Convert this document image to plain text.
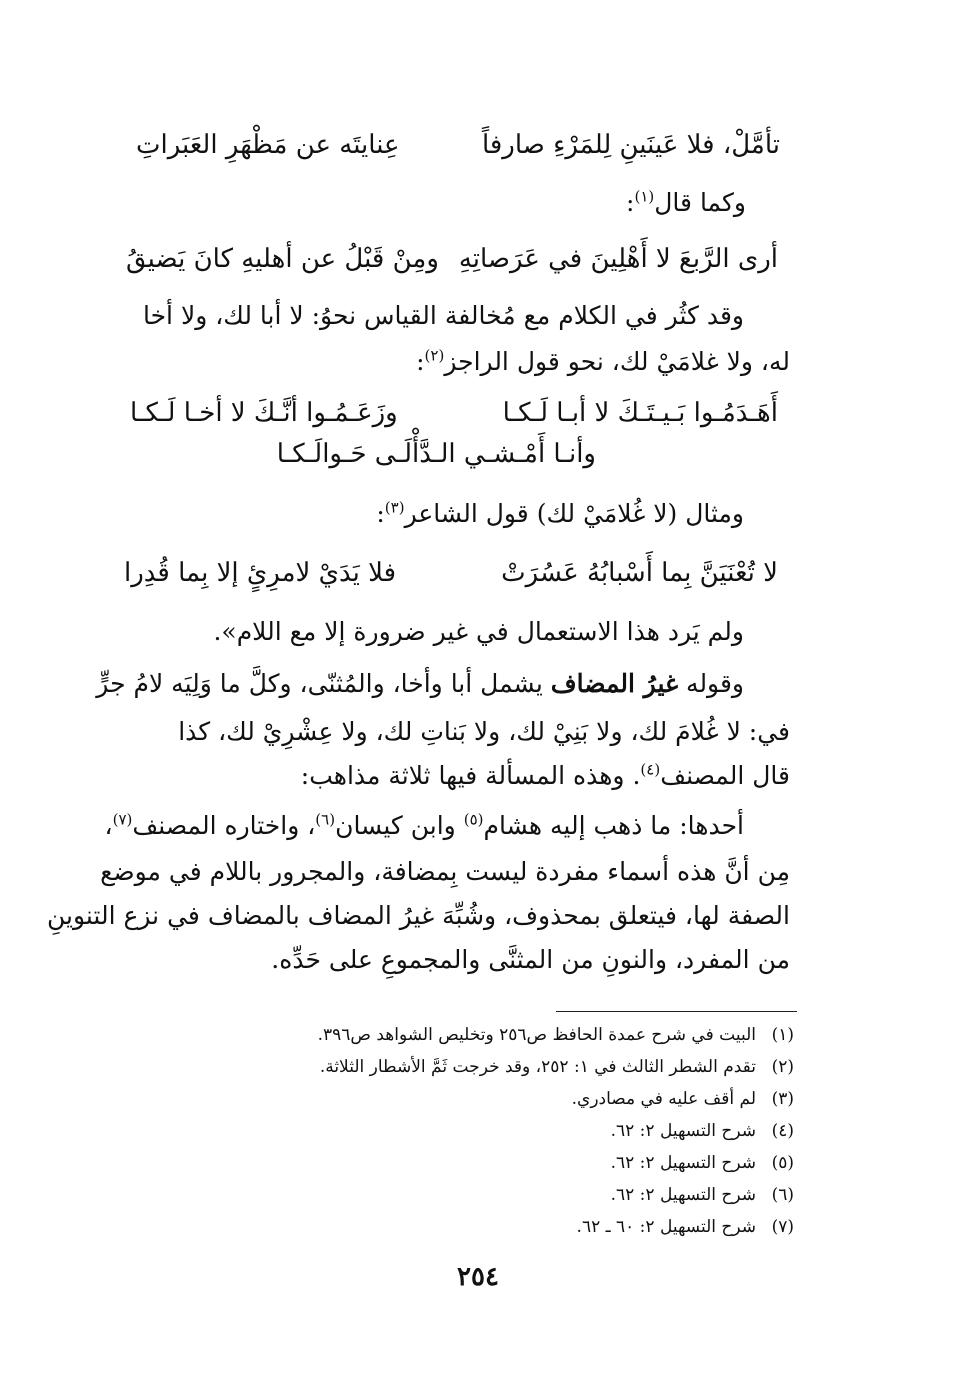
تأمَّلْ، فلا عَينَينِ لِلمَرْءِ صارفاً
عِنايتَه عن مَظْهَرِ العَبَراتِ
وكما قال$^{(١)}$:
أرى الرَّبعَ لا أَهْلِينَ في عَرَصاتِهِ
ومِنْ قَبْلُ عن أهليهِ كانَ يَضيقُ
وقد كثُر في الكلام مع مُخالفة القياس نحوُ: لا أبا لك، ولا أخا
له، ولا غلامَيْ لك، نحو قول الراجز$^{(٢)}$:
أَهَـدَمُـوا بَـيـتَـكَ لا أبـا لَـكـا
وزَعَـمُـوا أنَّـكَ لا أخـا لَـكـا
وأنـا أَمْـشـي الـدَّأْلَـى حَـوالَـكـا
ومثال (لا غُلامَيْ لك) قول الشاعر$^{(٣)}$:
لا تُعْنَيَنَّ بِما أَسْبابُهُ عَسُرَتْ
فلا يَدَيْ لامرِئٍ إلا بِما قُدِرا
ولم يَرد هذا الاستعمال في غير ضرورة إلا مع اللام».
وقوله غيرُ المضاف يشمل أبا وأخا، والمُثنّى، وكلَّ ما وَلِيَه لامُ جرٍّ
في: لا غُلامَ لك، ولا بَنِيْ لك، ولا بَناتِ لك، ولا عِشْرِيْ لك، كذا
قال المصنف$^{(٤)}$. وهذه المسألة فيها ثلاثة مذاهب:
أحدها: ما ذهب إليه هشام$^{(٥)}$ وابن كيسان$^{(٦)}$، واختاره المصنف$^{(٧)}$،
مِن أنَّ هذه أسماء مفردة ليست بِمضافة، والمجرور باللام في موضع
الصفة لها، فيتعلق بمحذوف، وشُبِّهَ غيرُ المضاف بالمضاف في نزع التنوينِ
من المفرد، والنونِ من المثنَّى والمجموعِ على حَدِّه.
(١)
البيت في شرح عمدة الحافظ ص٢٥٦ وتخليص الشواهد ص٣٩٦.
(٢)
تقدم الشطر الثالث في ١: ٢٥٢، وقد خرجت ثَمَّ الأشطار الثلاثة.
(٣)
لم أقف عليه في مصادري.
(٤)
شرح التسهيل ٢: ٦٢.
(٥)
شرح التسهيل ٢: ٦٢.
(٦)
شرح التسهيل ٢: ٦٢.
(٧)
شرح التسهيل ٢: ٦٠ ـ ٦٢.
٢٥٤
